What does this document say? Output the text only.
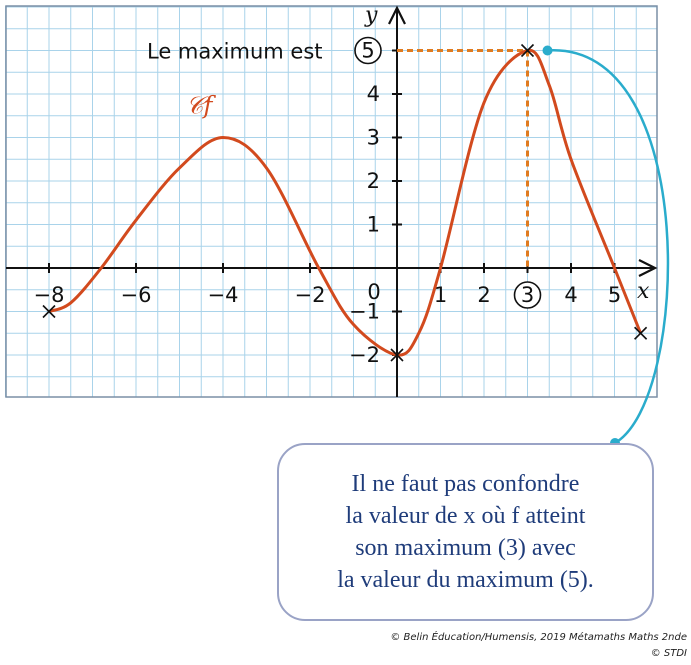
−8	−6	−4	−2	1 2	4 5
1
2
3
4
−1
−2
0	x
y
𝒞f
Le maximum est 5
3
Il ne faut pas confondre
la valeur de x où f atteint
son maximum (3) avec
la valeur du maximum (5).
© Belin Éducation/Humensis, 2019 Métamaths Maths 2nde
© STDI
